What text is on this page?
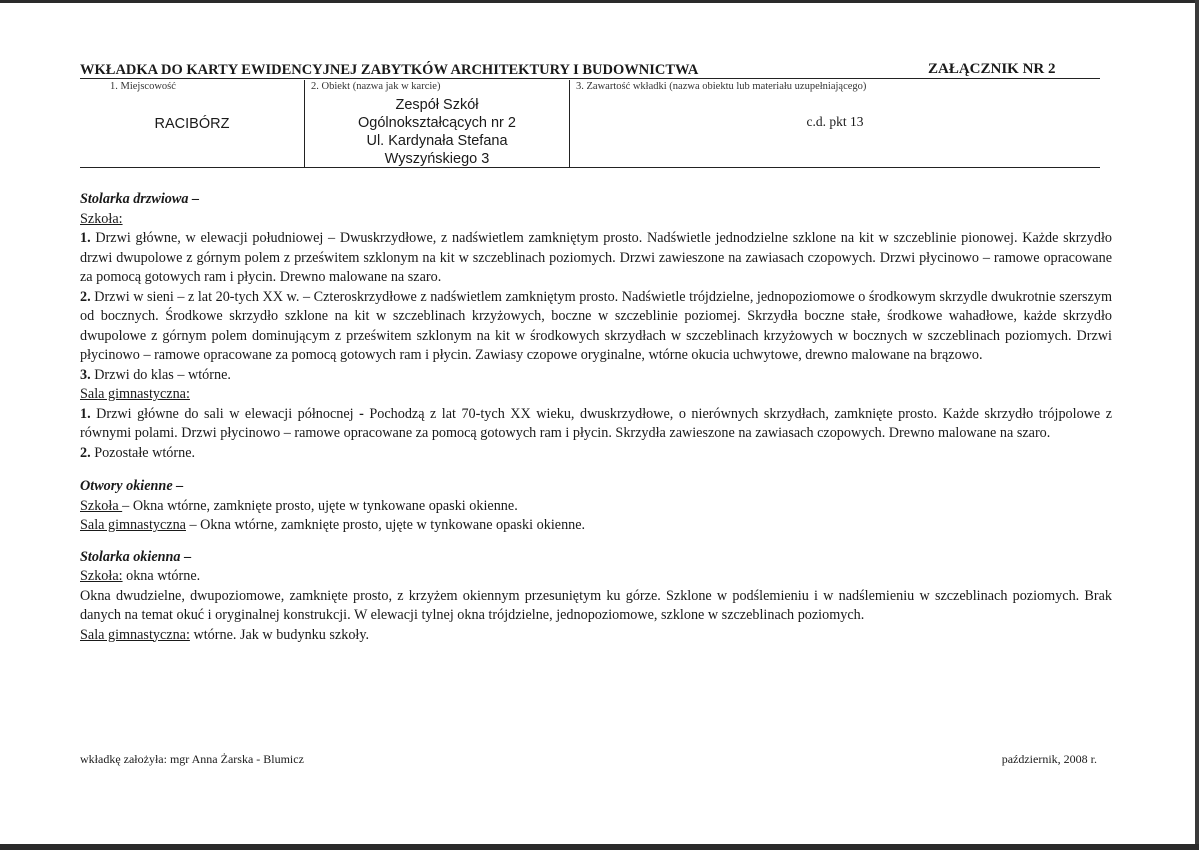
WKŁADKA DO KARTY EWIDENCYJNEJ ZABYTKÓW ARCHITEKTURY I BUDOWNICTWA	ZAŁĄCZNIK NR 2
1. Miejscowość
RACIBÓRZ
2. Obiekt (nazwa jak w karcie)
Zespół Szkół
Ogólnokształcących nr 2
Ul. Kardynała Stefana
Wyszyńskiego 3
3. Zawartość wkładki (nazwa obiektu lub materiału uzupełniającego)
c.d. pkt 13

Stolarka drzwiowa –

Szkoła:

1. Drzwi główne, w elewacji południowej – Dwuskrzydłowe, z nadświetlem zamkniętym prosto. Nadświetle jednodzielne szklone na kit w szczeblinie pionowej. Każde skrzydło drzwi dwupolowe z górnym polem z prześwitem szklonym na kit w szczeblinach poziomych. Drzwi zawieszone na zawiasach czopowych. Drzwi płycinowo – ramowe opracowane za pomocą gotowych ram i płycin. Drewno malowane na szaro.

2. Drzwi w sieni – z lat 20-tych XX w. – Czteroskrzydłowe z nadświetlem zamkniętym prosto. Nadświetle trójdzielne, jednopoziomowe o środkowym skrzydle dwukrotnie szerszym od bocznych. Środkowe skrzydło szklone na kit w szczeblinach krzyżowych, boczne w szczeblinie poziomej. Skrzydła boczne stałe, środkowe wahadłowe, każde skrzydło dwupolowe z górnym polem dominującym z prześwitem szklonym na kit w środkowych skrzydłach w szczeblinach krzyżowych w bocznych w szczeblinach poziomych. Drzwi płycinowo – ramowe opracowane za pomocą gotowych ram i płycin. Zawiasy czopowe oryginalne, wtórne okucia uchwytowe, drewno malowane na brązowo.

3. Drzwi do klas – wtórne.

Sala gimnastyczna:

1. Drzwi główne do sali w elewacji północnej - Pochodzą z lat 70-tych XX wieku, dwuskrzydłowe, o nierównych skrzydłach, zamknięte prosto. Każde skrzydło trójpolowe z równymi polami. Drzwi płycinowo – ramowe opracowane za pomocą gotowych ram i płycin. Skrzydła zawieszone na zawiasach czopowych. Drewno malowane na szaro.

2. Pozostałe wtórne.

Otwory okienne –

Szkoła – Okna wtórne, zamknięte prosto, ujęte w tynkowane opaski okienne.

Sala gimnastyczna – Okna wtórne, zamknięte prosto, ujęte w tynkowane opaski okienne.

Stolarka okienna –

Szkoła: okna wtórne.

Okna dwudzielne, dwupoziomowe, zamknięte prosto, z krzyżem okiennym przesuniętym ku górze. Szklone w podślemieniu i w nadślemieniu w szczeblinach poziomych. Brak danych na temat okuć i oryginalnej konstrukcji. W elewacji tylnej okna trójdzielne, jednopoziomowe, szklone w szczeblinach poziomych.

Sala gimnastyczna: wtórne. Jak w budynku szkoły.

wkładkę założyła: mgr Anna Żarska - Blumicz	październik, 2008 r.
